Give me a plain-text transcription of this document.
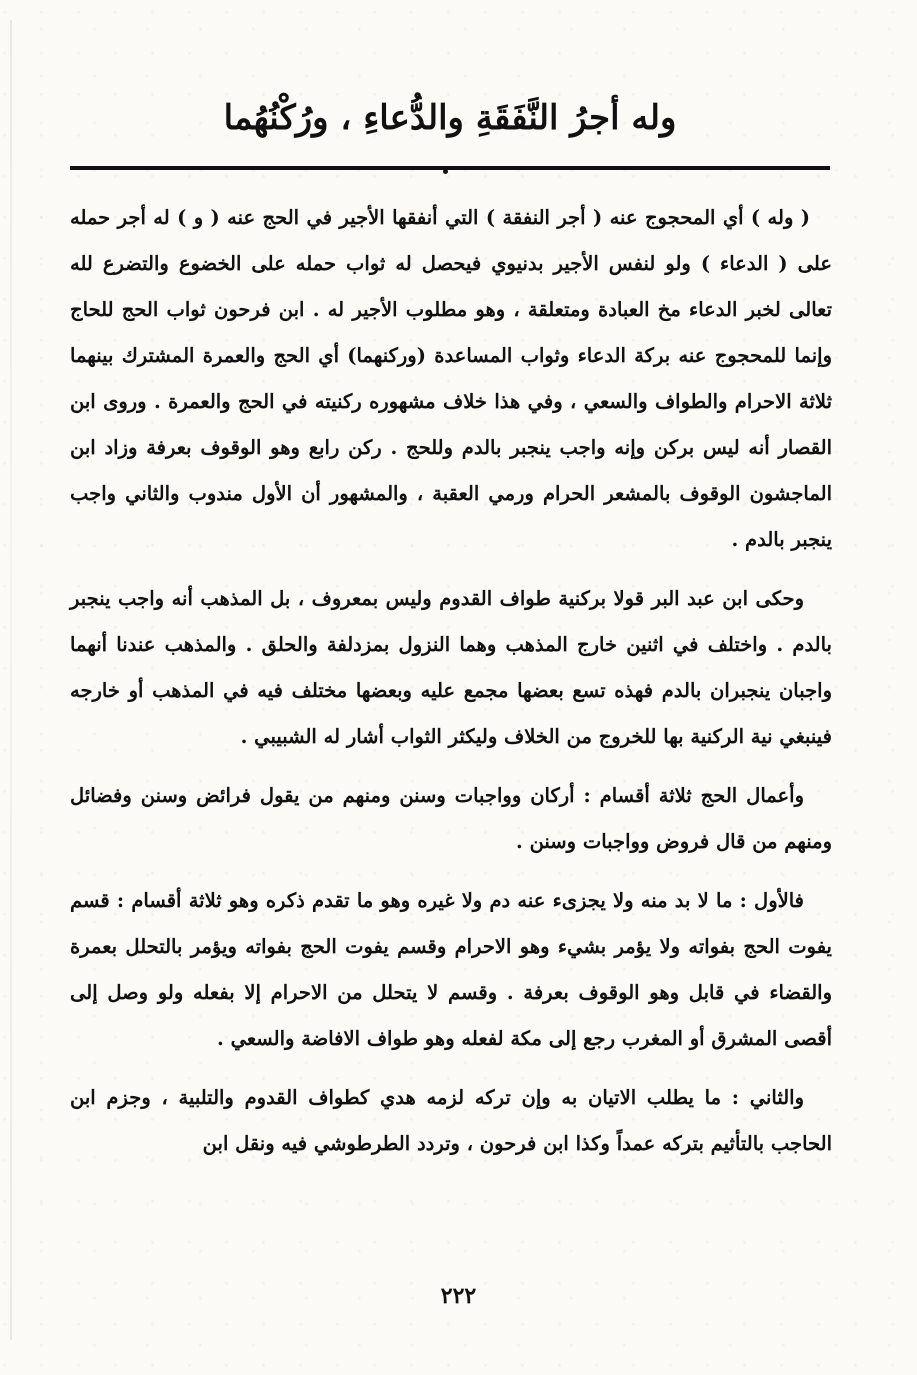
وله أجرُ النَّفَقَةِ والدُّعاءِ ، ورُكْنُهُما

( وله ) أي المحجوج عنه ( أجر النفقة ) التي أنفقها الأجير في الحج عنه ( و ) له أجر حمله على ( الدعاء ) ولو لنفس الأجير بدنيوي فيحصل له ثواب حمله على الخضوع والتضرع لله تعالى لخبر الدعاء مخ العبادة ومتعلقة ، وهو مطلوب الأجير له . ابن فرحون ثواب الحج للحاج وإنما للمحجوج عنه بركة الدعاء وثواب المساعدة (وركنهما) أي الحج والعمرة المشترك بينهما ثلاثة الاحرام والطواف والسعي ، وفي هذا خلاف مشهوره ركنيته في الحج والعمرة . وروى ابن القصار أنه ليس بركن وإنه واجب ينجبر بالدم وللحج . ركن رابع وهو الوقوف بعرفة وزاد ابن الماجشون الوقوف بالمشعر الحرام ورمي العقبة ، والمشهور أن الأول مندوب والثاني واجب ينجبر بالدم .

وحكى ابن عبد البر قولا بركنية طواف القدوم وليس بمعروف ، بل المذهب أنه واجب ينجبر بالدم . واختلف في اثنين خارج المذهب وهما النزول بمزدلفة والحلق . والمذهب عندنا أنهما واجبان ينجبران بالدم فهذه تسع بعضها مجمع عليه وبعضها مختلف فيه في المذهب أو خارجه فينبغي نية الركنية بها للخروج من الخلاف وليكثر الثواب أشار له الشبيبي .

وأعمال الحج ثلاثة أقسام : أركان وواجبات وسنن ومنهم من يقول فرائض وسنن وفضائل ومنهم من قال فروض وواجبات وسنن .

فالأول : ما لا بد منه ولا يجزىء عنه دم ولا غيره وهو ما تقدم ذكره وهو ثلاثة أقسام : قسم يفوت الحج بفواته ولا يؤمر بشيء وهو الاحرام وقسم يفوت الحج بفواته ويؤمر بالتحلل بعمرة والقضاء في قابل وهو الوقوف بعرفة . وقسم لا يتحلل من الاحرام إلا بفعله ولو وصل إلى أقصى المشرق أو المغرب رجع إلى مكة لفعله وهو طواف الافاضة والسعي .

والثاني : ما يطلب الاتيان به وإن تركه لزمه هدي كطواف القدوم والتلبية ، وجزم ابن الحاجب بالتأثيم بتركه عمداً وكذا ابن فرحون ، وتردد الطرطوشي فيه ونقل ابن

٢٢٢
